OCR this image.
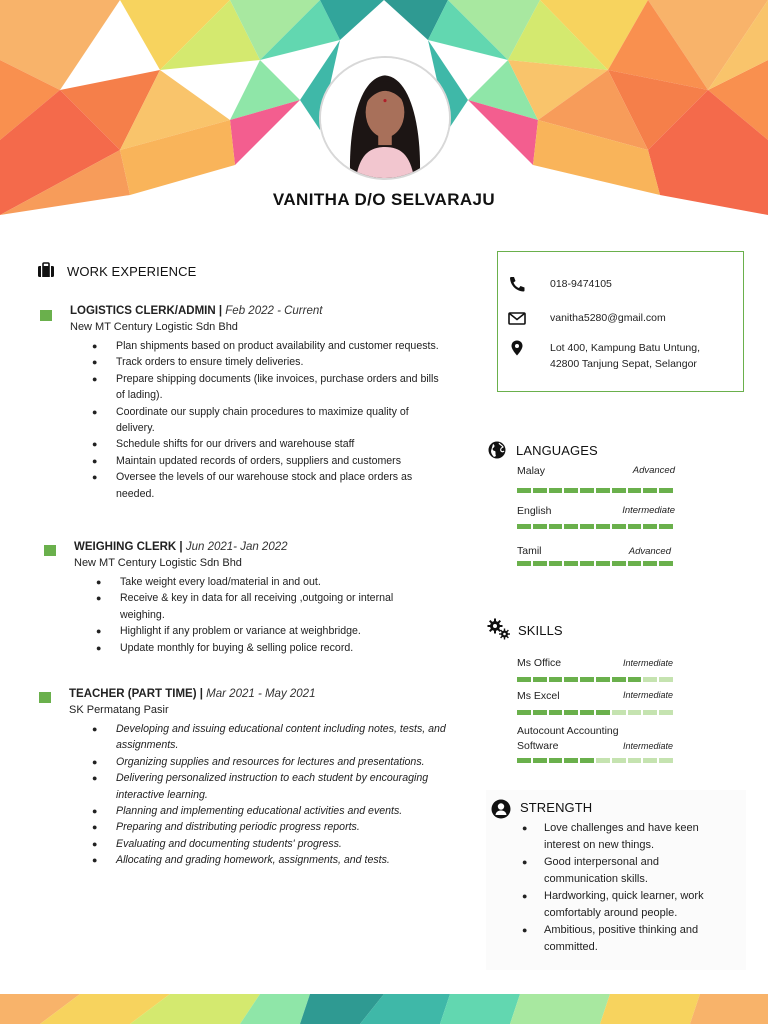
VANITHA D/O SELVARAJU
WORK EXPERIENCE
LOGISTICS CLERK/ADMIN | Feb 2022 - Current
New MT Century Logistic Sdn Bhd
● Plan shipments based on product availability and customer requests.
● Track orders to ensure timely deliveries.
● Prepare shipping documents (like invoices, purchase orders and bills of lading).
● Coordinate our supply chain procedures to maximize quality of delivery.
● Schedule shifts for our drivers and warehouse staff
● Maintain updated records of orders, suppliers and customers
● Oversee the levels of our warehouse stock and place orders as needed.
WEIGHING CLERK | Jun 2021- Jan 2022
New MT Century Logistic Sdn Bhd
● Take weight every load/material in and out.
● Receive & key in data for all receiving ,outgoing or internal weighing.
● Highlight if any problem or variance at weighbridge.
● Update monthly for buying & selling police record.
TEACHER (PART TIME) | Mar 2021 - May 2021
SK Permatang Pasir
● Developing and issuing educational content including notes, tests, and assignments.
● Organizing supplies and resources for lectures and presentations.
● Delivering personalized instruction to each student by encouraging interactive learning.
● Planning and implementing educational activities and events.
● Preparing and distributing periodic progress reports.
● Evaluating and documenting students' progress.
● Allocating and grading homework, assignments, and tests.
018-9474105
vanitha5280@gmail.com
Lot 400, Kampung Batu Untung,
42800 Tanjung Sepat, Selangor
LANGUAGES
Malay	Advanced
English	Intermediate
Tamil	Advanced
SKILLS
Ms Office	Intermediate
Ms Excel	Intermediate
Autocount Accounting
Software	Intermediate
STRENGTH
● Love challenges and have keen interest on new things.
● Good interpersonal and communication skills.
● Hardworking, quick learner, work comfortably around people.
● Ambitious, positive thinking and committed.
